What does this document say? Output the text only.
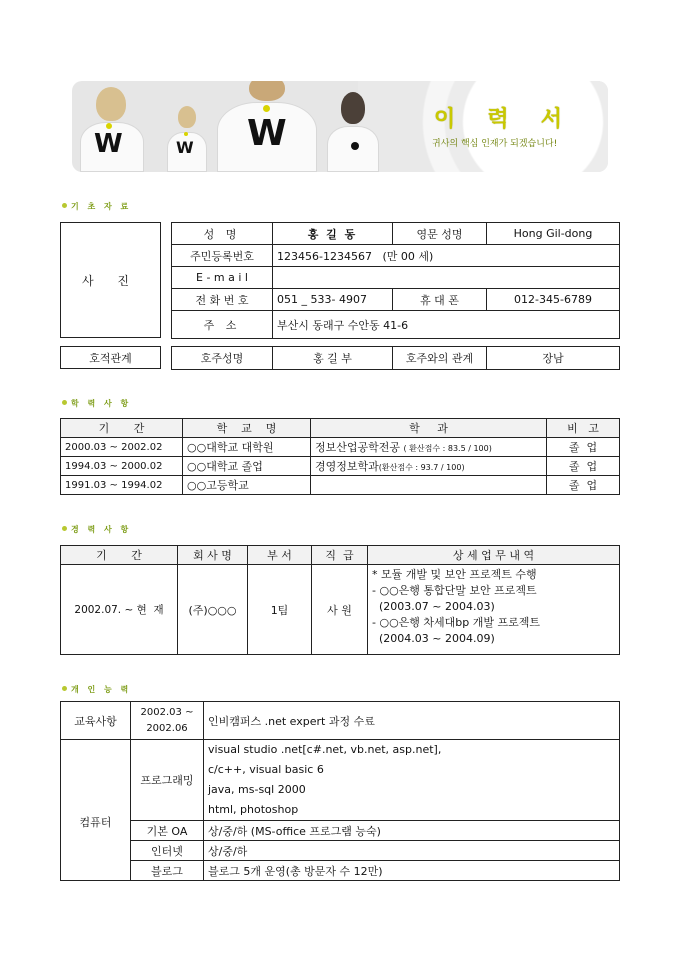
W	W W	이 력 서
귀사의 핵심 인재가 되겠습니다!
기 초 자 료
사 진
성 명	홍 길 동	영문 성명	Hong Gil-dong
주민등록번호	123456-1234567   (만 00 세)		
E - m a i l			
전 화 번 호	051 _ 533- 4907	휴 대 폰	012-345-6789
주 소	부산시 동래구 수안동 41-6		
호적관계	호주성명	홍 길 부	호주와의 관계	장남
학 력 사 항
기       간	학    교    명	학     과	비   고
2000.03 ~ 2002.02	○○대학교 대학원	정보산업공학전공 ( 환산점수 : 83.5 / 100)	졸  업
1994.03 ~ 2000.02	○○대학교 졸업	경영정보학과(환산점수 : 93.7 / 100)	졸  업
1991.03 ~ 1994.02	○○고등학교		졸  업
경 력 사 항
기       간	회 사 명	부 서	직  급	상 세 업 무 내 역
2002.07. ~ 현  재	(주)○○○	1팀	사 원	* 모듈 개발 및 보안 프로젝트 수행
- ○○은행 통합단말 보안 프로젝트
(2003.07 ~ 2004.03)
- ○○은행 차세대bp 개발 프로젝트
(2004.03 ~ 2004.09)
개 인 능 력
교육사항	2002.03 ~
2002.06	인비캠퍼스 .net expert 과정 수료
컴퓨터	프로그래밍	visual studio .net[c#.net, vb.net, asp.net],
c/c++, visual basic 6
java, ms-sql 2000
html, photoshop

	기본 OA	상/중/하 (MS-office 프로그램 능숙)
	인터넷	상/중/하
	블로그	블로그 5개 운영(총 방문자 수 12만)
